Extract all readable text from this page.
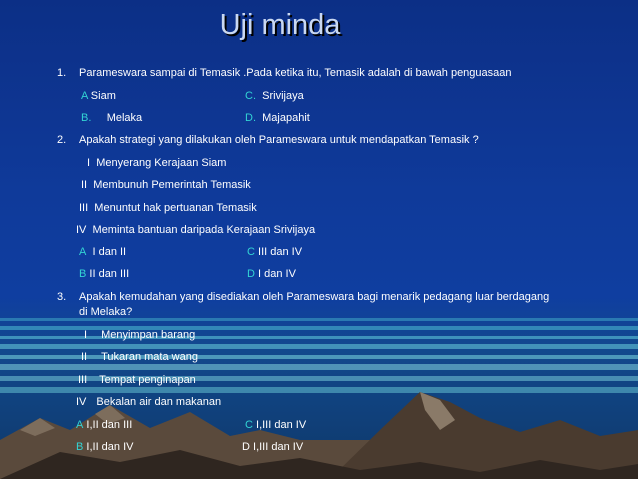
Uji minda
1. Parameswara sampai di Temasik .Pada ketika itu, Temasik adalah di bawah penguasaan
A Siam	C. Srivijaya
B. Melaka	D. Majapahit
2. Apakah strategi yang dilakukan oleh Parameswara untuk mendapatkan Temasik ?
I Menyerang Kerajaan Siam
II Membunuh Pemerintah Temasik
III Menuntut hak pertuanan Temasik
IV Meminta bantuan daripada Kerajaan Srivijaya
A I dan II	C III dan IV
B II dan III	D I dan IV
3. Apakah kemudahan yang disediakan oleh Parameswara bagi menarik pedagang luar berdagang
di Melaka?
I Menyimpan barang
II Tukaran mata wang
III Tempat penginapan
IV Bekalan air dan makanan
A I,II dan III	C I,III dan IV
B I,II dan IV	D I,III dan IV
